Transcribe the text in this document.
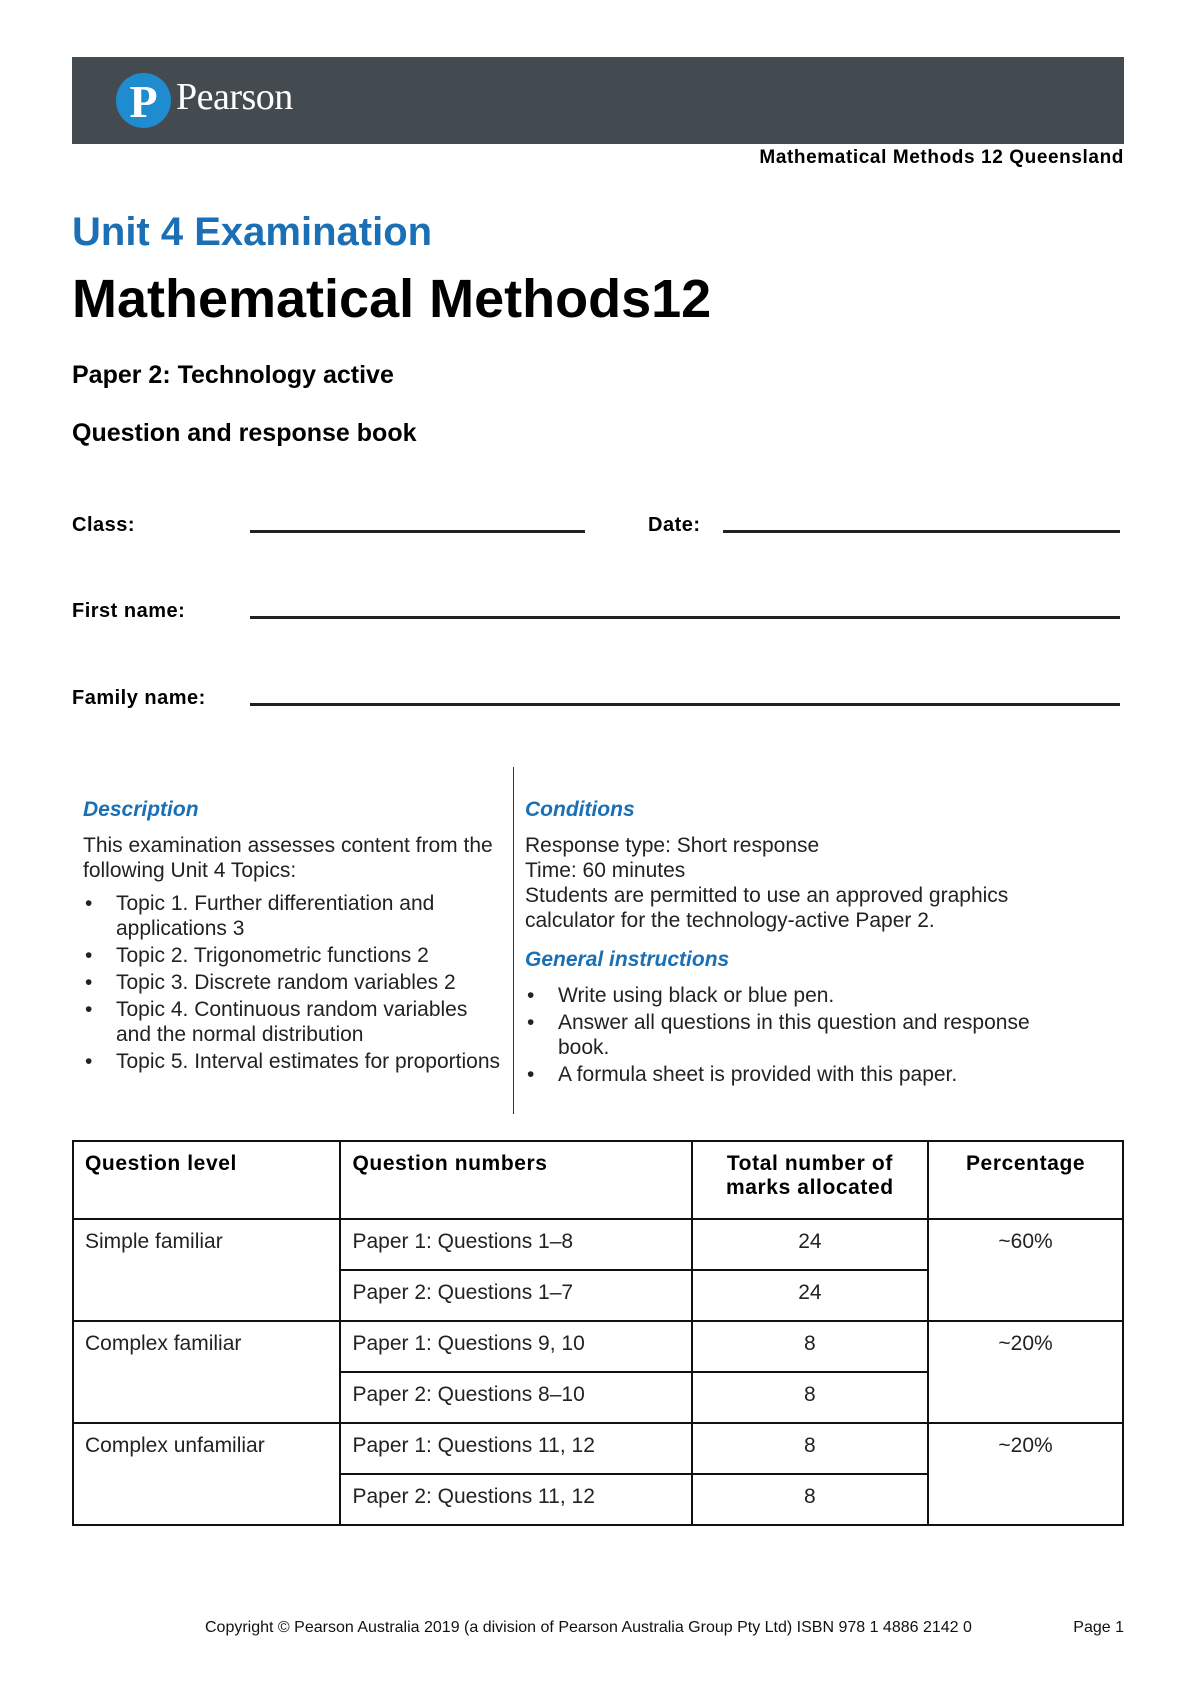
P Pearson
Mathematical Methods 12 Queensland
Unit 4 Examination
Mathematical Methods12
Paper 2: Technology active
Question and response book
Class:	Date:
First name:
Family name:
Description

This examination assesses content from the following Unit 4 Topics:

• Topic 1. Further differentiation and applications 3
• Topic 2. Trigonometric functions 2
• Topic 3. Discrete random variables 2
• Topic 4. Continuous random variables and the normal distribution
• Topic 5. Interval estimates for proportions
Conditions

Response type: Short response

Time: 60 minutes

Students are permitted to use an approved graphics calculator for the technology-active Paper 2.

General instructions
• Write using black or blue pen.
• Answer all questions in this question and response book.
• A formula sheet is provided with this paper.
Question level	Question numbers	Total number of marks allocated	Percentage
Simple familiar	Paper 1: Questions 1–8	24	~60%
	Paper 2: Questions 1–7	24	
Complex familiar	Paper 1: Questions 9, 10	8	~20%
	Paper 2: Questions 8–10	8	
Complex unfamiliar	Paper 1: Questions 11, 12	8	~20%
	Paper 2: Questions 11, 12	8	
Copyright © Pearson Australia 2019 (a division of Pearson Australia Group Pty Ltd) ISBN 978 1 4886 2142 0	Page 1
